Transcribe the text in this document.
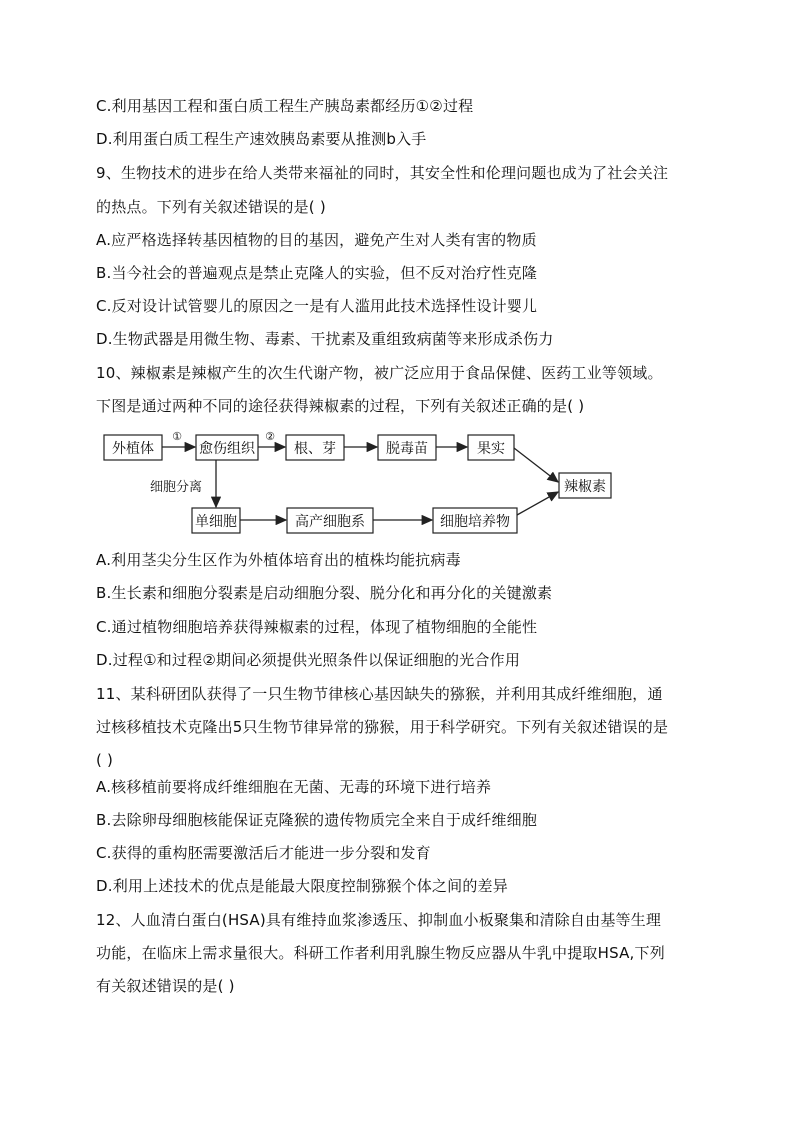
C.利用基因工程和蛋白质工程生产胰岛素都经历①②过程
D.利用蛋白质工程生产速效胰岛素要从推测b入手
9、生物技术的进步在给人类带来福祉的同时，其安全性和伦理问题也成为了社会关注
的热点。下列有关叙述错误的是( )
A.应严格选择转基因植物的目的基因，避免产生对人类有害的物质
B.当今社会的普遍观点是禁止克隆人的实验，但不反对治疗性克隆
C.反对设计试管婴儿的原因之一是有人滥用此技术选择性设计婴儿
D.生物武器是用微生物、毒素、干扰素及重组致病菌等来形成杀伤力
10、辣椒素是辣椒产生的次生代谢产物，被广泛应用于食品保健、医药工业等领域。
下图是通过两种不同的途径获得辣椒素的过程，下列有关叙述正确的是( )
外植体	愈伤组织	根、芽	脱毒苗	果实
辣椒素
单细胞	高产细胞系	细胞培养物
①	②
细胞分离
A.利用茎尖分生区作为外植体培育出的植株均能抗病毒
B.生长素和细胞分裂素是启动细胞分裂、脱分化和再分化的关键激素
C.通过植物细胞培养获得辣椒素的过程，体现了植物细胞的全能性
D.过程①和过程②期间必须提供光照条件以保证细胞的光合作用
11、某科研团队获得了一只生物节律核心基因缺失的猕猴，并利用其成纤维细胞，通
过核移植技术克隆出5只生物节律异常的猕猴，用于科学研究。下列有关叙述错误的是
( )
A.核移植前要将成纤维细胞在无菌、无毒的环境下进行培养
B.去除卵母细胞核能保证克隆猴的遗传物质完全来自于成纤维细胞
C.获得的重构胚需要激活后才能进一步分裂和发育
D.利用上述技术的优点是能最大限度控制猕猴个体之间的差异
12、人血清白蛋白(HSA)具有维持血浆渗透压、抑制血小板聚集和清除自由基等生理
功能，在临床上需求量很大。科研工作者利用乳腺生物反应器从牛乳中提取HSA,下列
有关叙述错误的是( )
